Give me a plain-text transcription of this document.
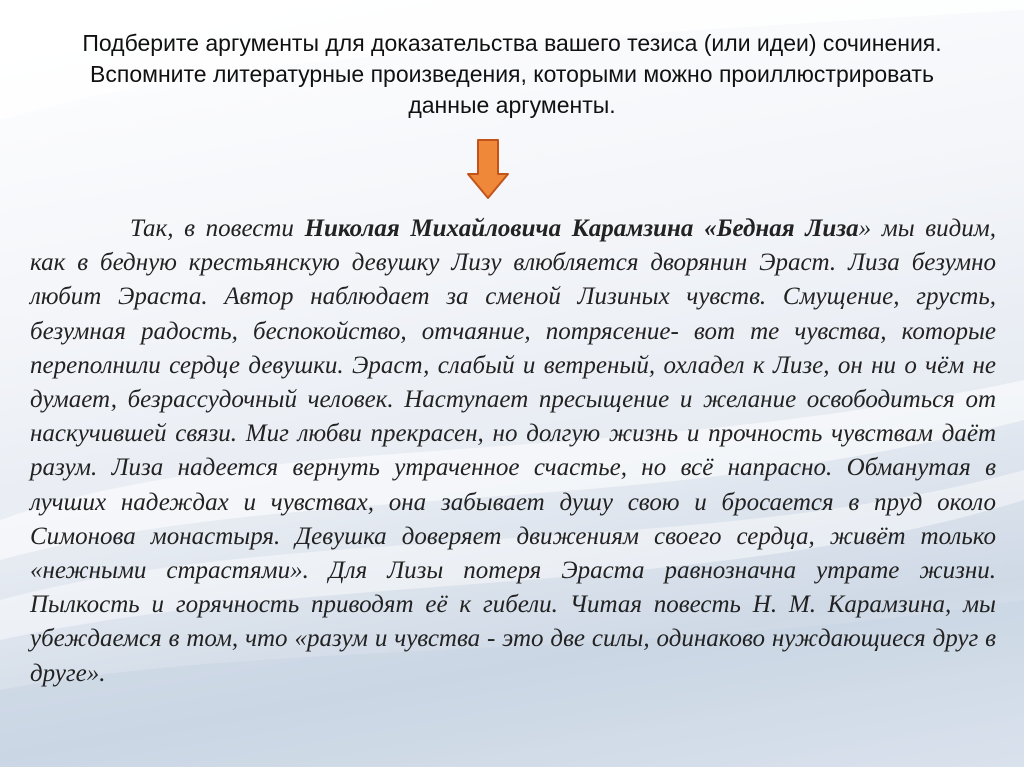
Подберите аргументы для доказательства вашего тезиса (или идеи) сочинения. Вспомните литературные произведения, которыми можно проиллюстрировать данные аргументы.
Так, в повести Николая Михайловича Карамзина «Бедная Лиза» мы видим, как в бедную крестьянскую девушку Лизу влюбляется дворянин Эраст. Лиза безумно любит Эраста. Автор наблюдает за сменой Лизиных чувств. Смущение, грусть, безумная радость, беспокойство, отчаяние, потрясение- вот те чувства, которые переполнили сердце девушки. Эраст, слабый и ветреный, охладел к Лизе, он ни о чём не думает, безрассудочный человек. Наступает пресыщение и желание освободиться от наскучившей связи. Миг любви прекрасен, но долгую жизнь и прочность чувствам даёт разум. Лиза надеется вернуть утраченное счастье, но всё напрасно. Обманутая в лучших надеждах и чувствах, она забывает душу свою и бросается в пруд около Симонова монастыря. Девушка доверяет движениям своего сердца, живёт только «нежными страстями». Для Лизы потеря Эраста равнозначна утрате жизни. Пылкость и горячность приводят её к гибели. Читая повесть Н. М. Карамзина, мы убеждаемся в том, что «разум и чувства - это две силы, одинаково нуждающиеся друг в друге».
